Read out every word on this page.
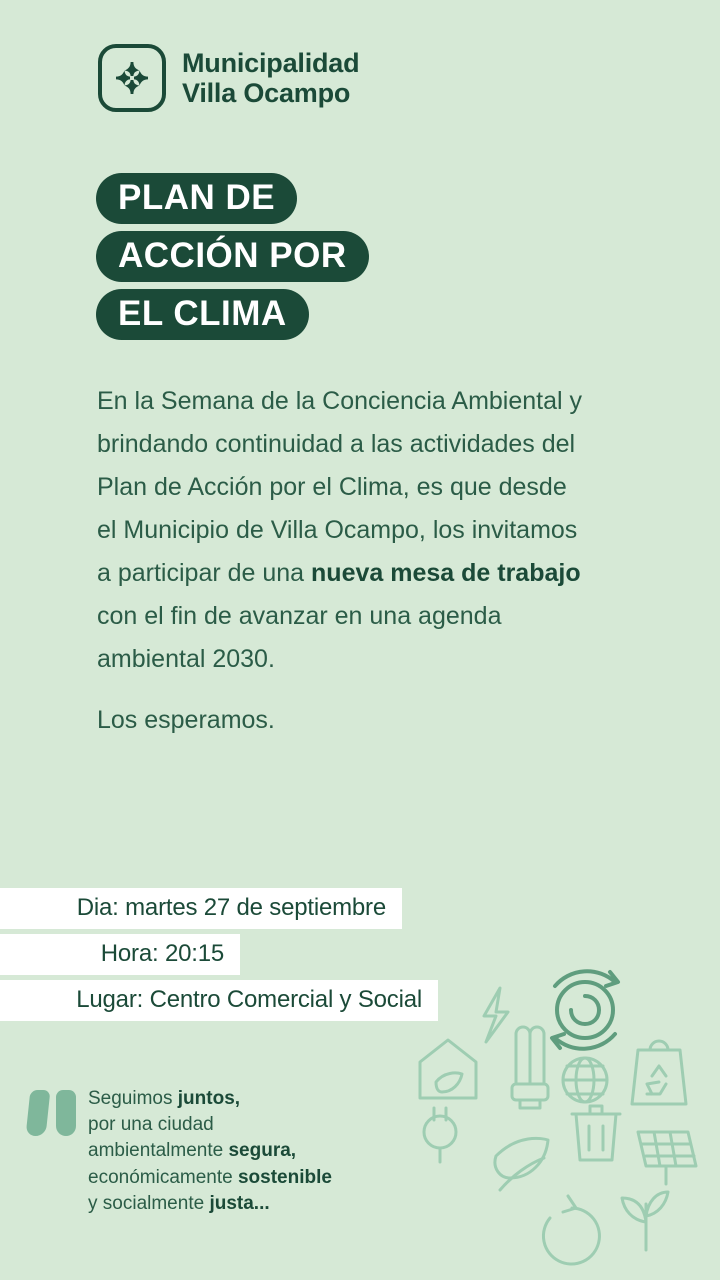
Municipalidad
Villa Ocampo
PLAN DE
ACCIÓN POR
EL CLIMA

En la Semana de la Conciencia Ambiental y brindando continuidad a las actividades del Plan de Acción por el Clima, es que desde el Municipio de Villa Ocampo, los invitamos a participar de una nueva mesa de trabajo con el fin de avanzar en una agenda ambiental 2030.

Los esperamos.

Dia: martes 27 de septiembre
Hora: 20:15
Lugar: Centro Comercial y Social
Seguimos juntos,
por una ciudad
ambientalmente segura,
económicamente sostenible
y socialmente justa...
